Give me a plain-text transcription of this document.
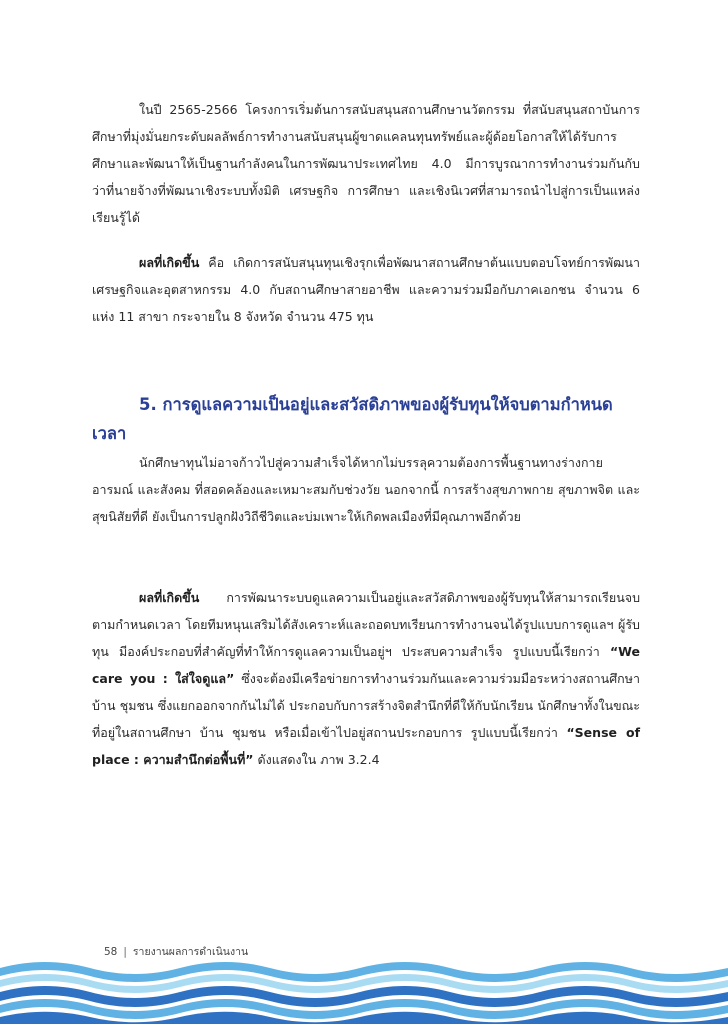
ในปี 2565-2566 โครงการเริ่มต้นการสนับสนุนสถานศึกษานวัตกรรม ที่สนับสนุนสถาบันการศึกษาที่มุ่งมั่นยกระดับผลลัพธ์การทำงานสนับสนุนผู้ขาดแคลนทุนทรัพย์และผู้ด้อยโอกาสให้ได้รับการศึกษาและพัฒนาให้เป็นฐานกำลังคนในการพัฒนาประเทศไทย 4.0 มีการบูรณาการทำงานร่วมกันกับว่าที่นายจ้างที่พัฒนาเชิงระบบทั้งมิติ เศรษฐกิจ การศึกษา และเชิงนิเวศที่สามารถนำไปสู่การเป็นแหล่งเรียนรู้ได้

ผลที่เกิดขึ้น คือ เกิดการสนับสนุนทุนเชิงรุกเพื่อพัฒนาสถานศึกษาต้นแบบตอบโจทย์การพัฒนาเศรษฐกิจและอุตสาหกรรม 4.0 กับสถานศึกษาสายอาชีพ และความร่วมมือกับภาคเอกชน จำนวน 6 แห่ง 11 สาขา กระจายใน 8 จังหวัด จำนวน 475 ทุน

5. การดูแลความเป็นอยู่และสวัสดิภาพของผู้รับทุนให้จบตามกำหนดเวลา

นักศึกษาทุนไม่อาจก้าวไปสู่ความสำเร็จได้หากไม่บรรลุความต้องการพื้นฐานทางร่างกาย อารมณ์ และสังคม ที่สอดคล้องและเหมาะสมกับช่วงวัย นอกจากนี้ การสร้างสุขภาพกาย สุขภาพจิต และสุขนิสัยที่ดี ยังเป็นการปลูกฝังวิถีชีวิตและบ่มเพาะให้เกิดพลเมืองที่มีคุณภาพอีกด้วย

ผลที่เกิดขึ้น การพัฒนาระบบดูแลความเป็นอยู่และสวัสดิภาพของผู้รับทุนให้สามารถเรียนจบตามกำหนดเวลา โดยทีมหนุนเสริมได้สังเคราะห์และถอดบทเรียนการทำงานจนได้รูปแบบการดูแลฯ ผู้รับทุน มีองค์ประกอบที่สำคัญที่ทำให้การดูแลความเป็นอยู่ฯ ประสบความสำเร็จ รูปแบบนี้เรียกว่า “We care you : ใส่ใจดูแล” ซึ่งจะต้องมีเครือข่ายการทำงานร่วมกันและความร่วมมือระหว่างสถานศึกษา บ้าน ชุมชน ซึ่งแยกออกจากกันไม่ได้ ประกอบกับการสร้างจิตสำนึกที่ดีให้กับนักเรียน นักศึกษาทั้งในขณะที่อยู่ในสถานศึกษา บ้าน ชุมชน หรือเมื่อเข้าไปอยู่สถานประกอบการ รูปแบบนี้เรียกว่า “Sense of place : ความสำนึกต่อพื้นที่” ดังแสดงใน ภาพ 3.2.4

58 | รายงานผลการดำเนินงาน
